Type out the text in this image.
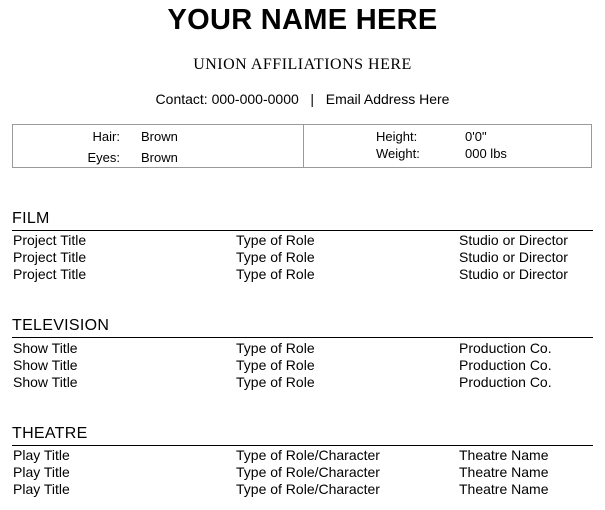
YOUR NAME HERE
UNION AFFILIATIONS HERE
Contact: 000-000-0000   |   Email Address Here
Hair: Brown
Eyes: Brown
Height:	0'0"
Weight:	000 lbs
FILM
Project Title	Type of Role	Studio or Director
Project Title	Type of Role	Studio or Director
Project Title	Type of Role	Studio or Director
TELEVISION
Show Title	Type of Role	Production Co.
Show Title	Type of Role	Production Co.
Show Title	Type of Role	Production Co.
THEATRE
Play Title	Type of Role/Character	Theatre Name
Play Title	Type of Role/Character	Theatre Name
Play Title	Type of Role/Character	Theatre Name
